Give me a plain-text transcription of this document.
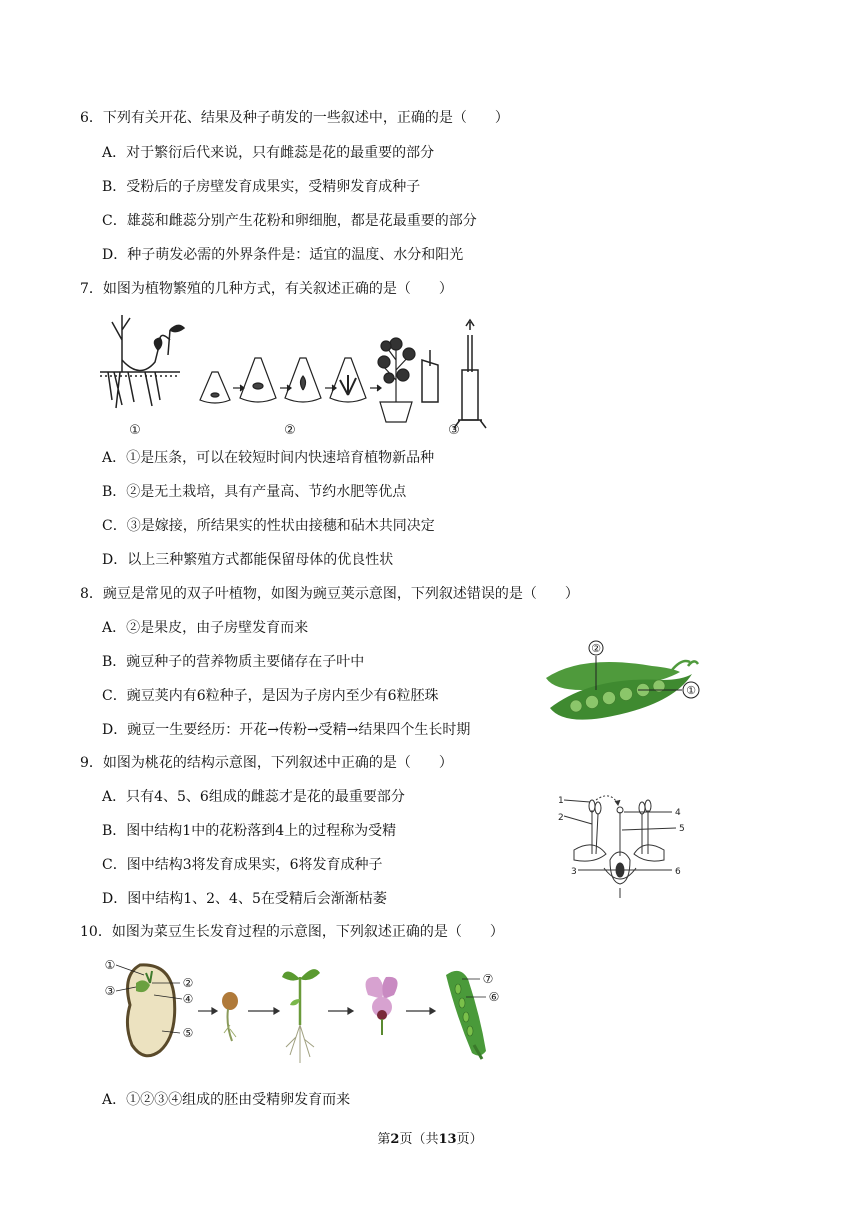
6．下列有关开花、结果及种子萌发的一些叙述中，正确的是（　　）
A．对于繁衍后代来说，只有雌蕊是花的最重要的部分
B．受粉后的子房壁发育成果实，受精卵发育成种子
C．雄蕊和雌蕊分别产生花粉和卵细胞，都是花最重要的部分
D．种子萌发必需的外界条件是：适宜的温度、水分和阳光
7．如图为植物繁殖的几种方式，有关叙述正确的是（　　）
①	②	③
A．①是压条，可以在较短时间内快速培育植物新品种
B．②是无土栽培，具有产量高、节约水肥等优点
C．③是嫁接，所结果实的性状由接穗和砧木共同决定
D．以上三种繁殖方式都能保留母体的优良性状
8．豌豆是常见的双子叶植物，如图为豌豆荚示意图，下列叙述错误的是（　　）
A．②是果皮，由子房壁发育而来
B．豌豆种子的营养物质主要储存在子叶中
C．豌豆荚内有6粒种子，是因为子房内至少有6粒胚珠
D．豌豆一生要经历：开花→传粉→受精→结果四个生长时期
②
①
9．如图为桃花的结构示意图，下列叙述中正确的是（　　）
A．只有4、5、6组成的雌蕊才是花的最重要部分
B．图中结构1中的花粉落到4上的过程称为受精
C．图中结构3将发育成果实，6将发育成种子
D．图中结构1、2、4、5在受精后会渐渐枯萎
1
2
3
4
5
6
10．如图为菜豆生长发育过程的示意图，下列叙述正确的是（　　）
①
②
③
④
⑤
⑦
⑥
A．①②③④组成的胚由受精卵发育而来
第2页（共13页）
